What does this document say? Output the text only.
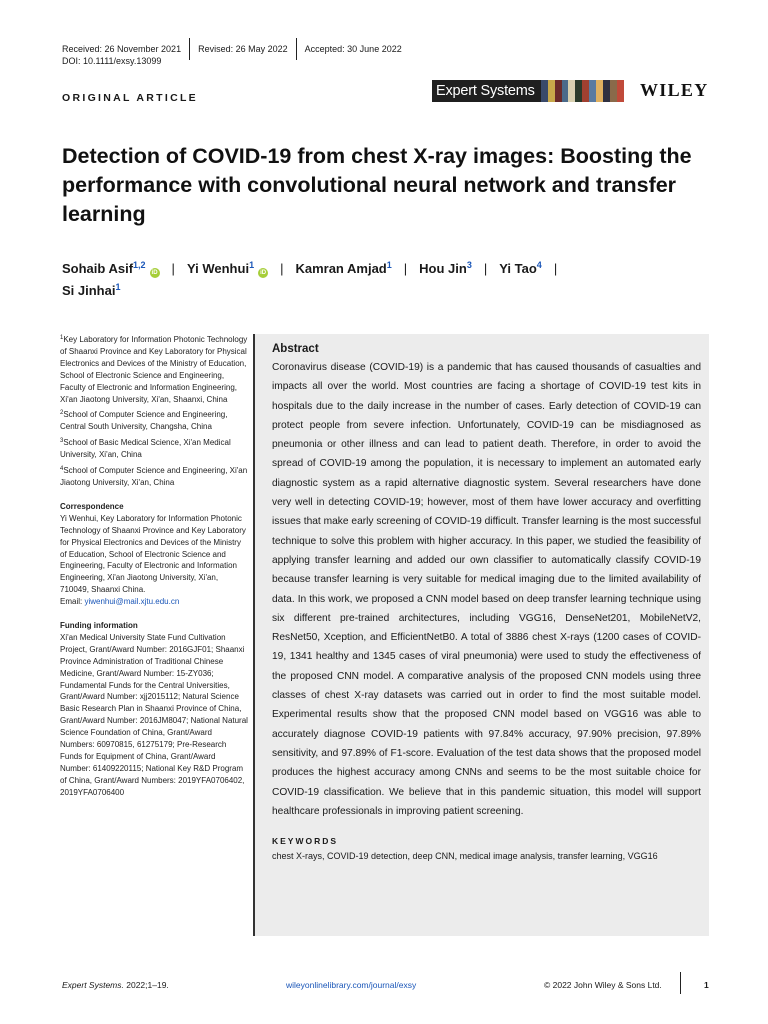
Received: 26 November 2021 Revised: 26 May 2022 Accepted: 30 June 2022
DOI: 10.1111/exsy.13099
ORIGINAL ARTICLE	Expert Systems	WILEY
Detection of COVID-19 from chest X-ray images: Boosting the performance with convolutional neural network and transfer learning
Sohaib Asif$^{1,2}$iD | Yi Wenhui$^1$iD | Kamran Amjad$^1$ | Hou Jin$^3$ | Yi Tao$^4$ |
Si Jinhai$^1$

$^1$Key Laboratory for Information Photonic Technology of Shaanxi Province and Key Laboratory for Physical Electronics and Devices of the Ministry of Education, School of Electronic Science and Engineering, Faculty of Electronic and Information Engineering, Xi'an Jiaotong University, Xi'an, Shaanxi, China

$^2$School of Computer Science and Engineering, Central South University, Changsha, China

$^3$School of Basic Medical Science, Xi'an Medical University, Xi'an, China

$^4$School of Computer Science and Engineering, Xi'an Jiaotong University, Xi'an, China

Correspondence

Yi Wenhui, Key Laboratory for Information Photonic Technology of Shaanxi Province and Key Laboratory for Physical Electronics and Devices of the Ministry of Education, School of Electronic Science and Engineering, Faculty of Electronic and Information Engineering, Xi'an Jiaotong University, Xi'an, 710049, Shaanxi China.

Email: yiwenhui@mail.xjtu.edu.cn

Funding information

Xi'an Medical University State Fund Cultivation Project, Grant/Award Number: 2016GJF01; Shaanxi Province Administration of Traditional Chinese Medicine, Grant/Award Number: 15-ZY036; Fundamental Funds for the Central Universities, Grant/Award Number: xjj2015112; Natural Science Basic Research Plan in Shaanxi Province of China, Grant/Award Number: 2016JM8047; National Natural Science Foundation of China, Grant/Award Numbers: 60970815, 61275179; Pre-Research Funds for Equipment of China, Grant/Award Number: 61409220115; National Key R&D Program of China, Grant/Award Numbers: 2019YFA0706402, 2019YFA0706400

Abstract

Coronavirus disease (COVID-19) is a pandemic that has caused thousands of casualties and impacts all over the world. Most countries are facing a shortage of COVID-19 test kits in hospitals due to the daily increase in the number of cases. Early detection of COVID-19 can protect people from severe infection. Unfortunately, COVID-19 can be misdiagnosed as pneumonia or other illness and can lead to patient death. Therefore, in order to avoid the spread of COVID-19 among the population, it is necessary to implement an automated early diagnostic system as a rapid alternative diagnostic system. Several researchers have done very well in detecting COVID-19; however, most of them have lower accuracy and overfitting issues that make early screening of COVID-19 difficult. Transfer learning is the most successful technique to solve this problem with higher accuracy. In this paper, we studied the feasibility of applying transfer learning and added our own classifier to automatically classify COVID-19 because transfer learning is very suitable for medical imaging due to the limited availability of data. In this work, we proposed a CNN model based on deep transfer learning technique using six different pre-trained architectures, including VGG16, DenseNet201, MobileNetV2, ResNet50, Xception, and EfficientNetB0. A total of 3886 chest X-rays (1200 cases of COVID-19, 1341 healthy and 1345 cases of viral pneumonia) were used to study the effectiveness of the proposed CNN model. A comparative analysis of the proposed CNN models using three classes of chest X-ray datasets was carried out in order to find the most suitable model. Experimental results show that the proposed CNN model based on VGG16 was able to accurately diagnose COVID-19 patients with 97.84% accuracy, 97.90% precision, 97.89% sensitivity, and 97.89% of F1-score. Evaluation of the test data shows that the proposed model produces the highest accuracy among CNNs and seems to be the most suitable choice for COVID-19 classification. We believe that in this pandemic situation, this model will support healthcare professionals in improving patient screening.

KEYWORDS

chest X-rays, COVID-19 detection, deep CNN, medical image analysis, transfer learning, VGG16

Expert Systems. 2022;1–19.	wileyonlinelibrary.com/journal/exsy	© 2022 John Wiley & Sons Ltd.	1
